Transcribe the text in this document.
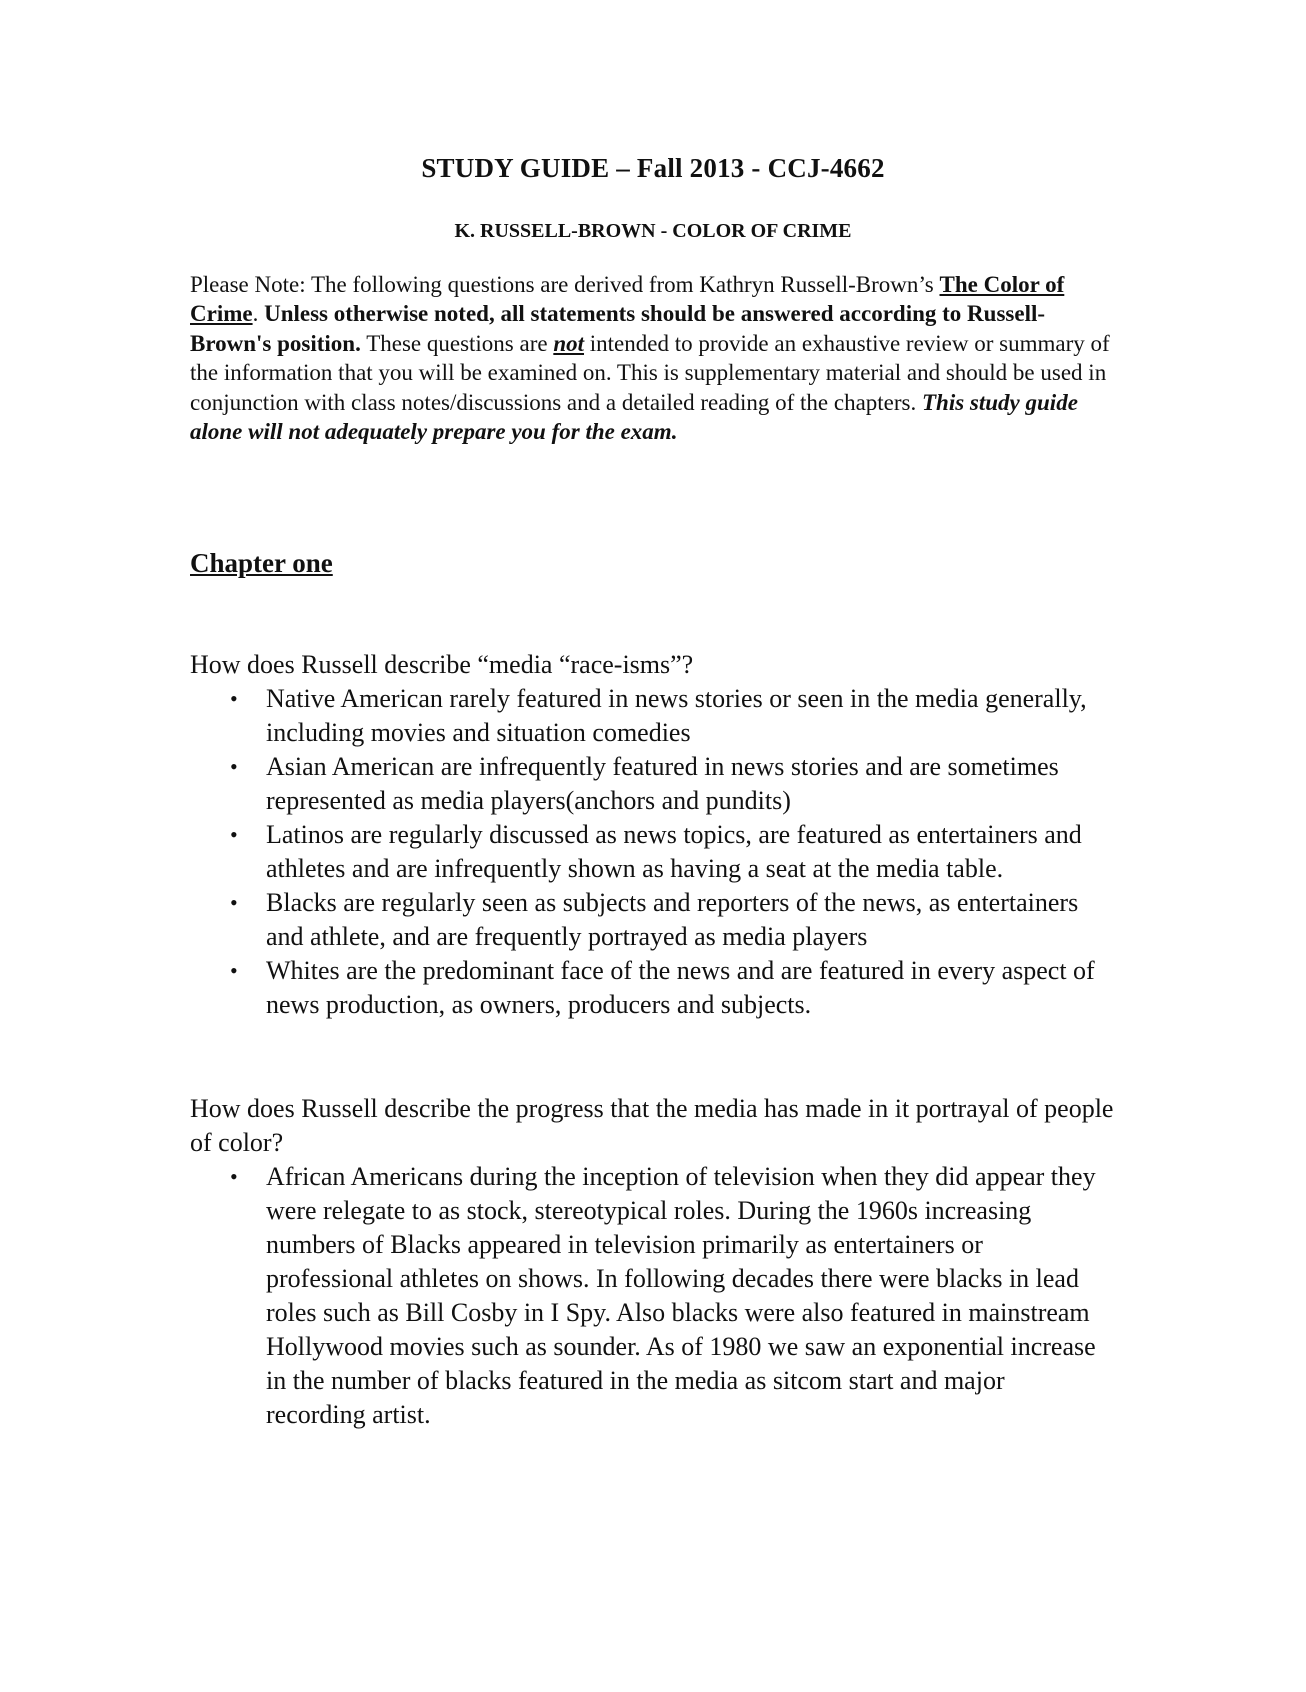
STUDY GUIDE – Fall 2013 - CCJ-4662
K. RUSSELL-BROWN - COLOR OF CRIME
Please Note: The following questions are derived from Kathryn Russell-Brown’s The Color of Crime. Unless otherwise noted, all statements should be answered according to Russell-Brown's position. These questions are not intended to provide an exhaustive review or summary of the information that you will be examined on. This is supplementary material and should be used in conjunction with class notes/discussions and a detailed reading of the chapters. This study guide alone will not adequately prepare you for the exam.
Chapter one
How does Russell describe “media “race-isms”?
• Native American rarely featured in news stories or seen in the media generally, including movies and situation comedies
• Asian American are infrequently featured in news stories and are sometimes represented as media players(anchors and pundits)
• Latinos are regularly discussed as news topics, are featured as entertainers and athletes and are infrequently shown as having a seat at the media table.
• Blacks are regularly seen as subjects and reporters of the news, as entertainers and athlete, and are frequently portrayed as media players
• Whites are the predominant face of the news and are featured in every aspect of news production, as owners, producers and subjects.
How does Russell describe the progress that the media has made in it portrayal of people of color?
• African Americans during the inception of television when they did appear they were relegate to as stock, stereotypical roles. During the 1960s increasing numbers of Blacks appeared in television primarily as entertainers or professional athletes on shows. In following decades there were blacks in lead roles such as Bill Cosby in I Spy. Also blacks were also featured in mainstream Hollywood movies such as sounder. As of 1980 we saw an exponential increase in the number of blacks featured in the media as sitcom start and major recording artist.
